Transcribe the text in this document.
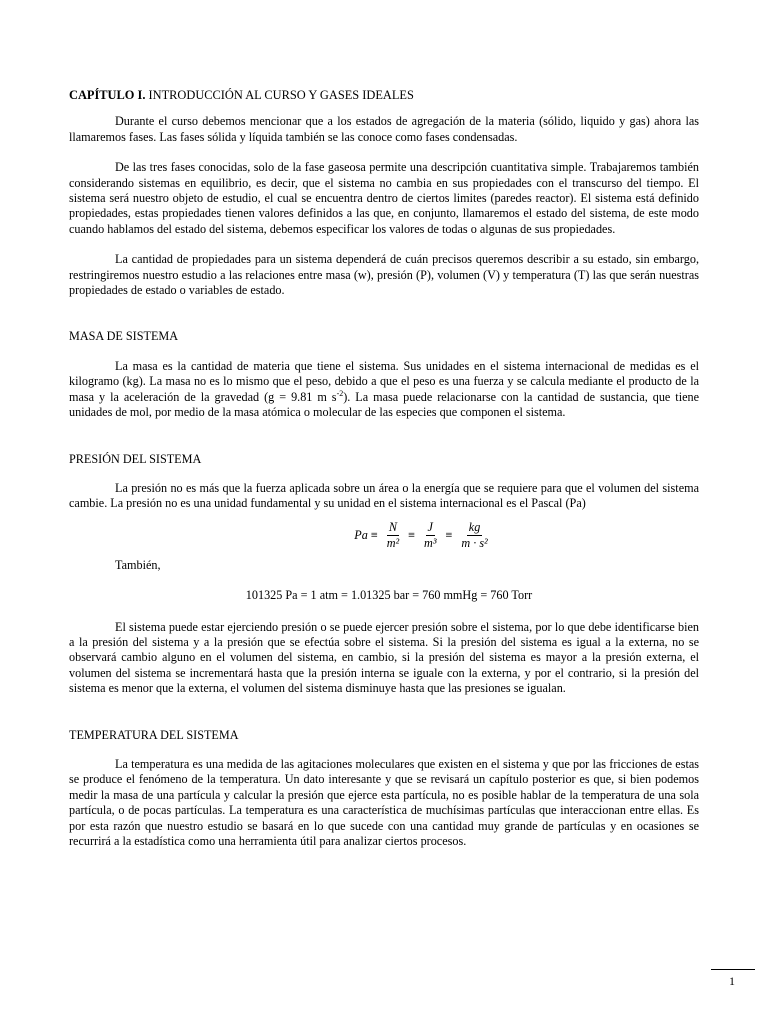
CAPÍTULO I. INTRODUCCIÓN AL CURSO Y GASES IDEALES

Durante el curso debemos mencionar que a los estados de agregación de la materia (sólido, liquido y gas) ahora las llamaremos fases. Las fases sólida y líquida también se las conoce como fases condensadas.

De las tres fases conocidas, solo de la fase gaseosa permite una descripción cuantitativa simple. Trabajaremos también considerando sistemas en equilibrio, es decir, que el sistema no cambia en sus propiedades con el transcurso del tiempo. El sistema será nuestro objeto de estudio, el cual se encuentra dentro de ciertos limites (paredes reactor). El sistema está definido propiedades, estas propiedades tienen valores definidos a las que, en conjunto, llamaremos el estado del sistema, de este modo cuando hablamos del estado del sistema, debemos especificar los valores de todas o algunas de sus propiedades.

La cantidad de propiedades para un sistema dependerá de cuán precisos queremos describir a su estado, sin embargo, restringiremos nuestro estudio a las relaciones entre masa (w), presión (P), volumen (V) y temperatura (T) las que serán nuestras propiedades de estado o variables de estado.

MASA DE SISTEMA

La masa es la cantidad de materia que tiene el sistema. Sus unidades en el sistema internacional de medidas es el kilogramo (kg). La masa no es lo mismo que el peso, debido a que el peso es una fuerza y se calcula mediante el producto de la masa y la aceleración de la gravedad (g = 9.81 m $s^{-2}$). La masa puede relacionarse con la cantidad de sustancia, que tiene unidades de mol, por medio de la masa atómica o molecular de las especies que componen el sistema.

PRESIÓN DEL SISTEMA

La presión no es más que la fuerza aplicada sobre un área o la energía que se requiere para que el volumen del sistema cambie. La presión no es una unidad fundamental y su unidad en el sistema internacional es el Pascal (Pa)

$Pa \equiv \frac{N}{\text{m²}} \equiv \frac{J}{\text{m³}} \equiv \frac{kg}{\text{m · s²}}$
También,
101325 Pa = 1 atm = 1.01325 bar = 760 mmHg = 760 Torr

El sistema puede estar ejerciendo presión o se puede ejercer presión sobre el sistema, por lo que debe identificarse bien a la presión del sistema y a la presión que se efectúa sobre el sistema. Si la presión del sistema es igual a la externa, no se observará cambio alguno en el volumen del sistema, en cambio, si la presión del sistema es mayor a la presión externa, el volumen del sistema se incrementará hasta que la presión interna se iguale con la externa, y por el contrario, si la presión del sistema es menor que la externa, el volumen del sistema disminuye hasta que las presiones se igualan.

TEMPERATURA DEL SISTEMA

La temperatura es una medida de las agitaciones moleculares que existen en el sistema y que por las fricciones de estas se produce el fenómeno de la temperatura. Un dato interesante y que se revisará un capítulo posterior es que, si bien podemos medir la masa de una partícula y calcular la presión que ejerce esta partícula, no es posible hablar de la temperatura de una sola partícula, o de pocas partículas. La temperatura es una característica de muchísimas partículas que interaccionan entre ellas. Es por esta razón que nuestro estudio se basará en lo que sucede con una cantidad muy grande de partículas y en ocasiones se recurrirá a la estadística como una herramienta útil para analizar ciertos procesos.

1
